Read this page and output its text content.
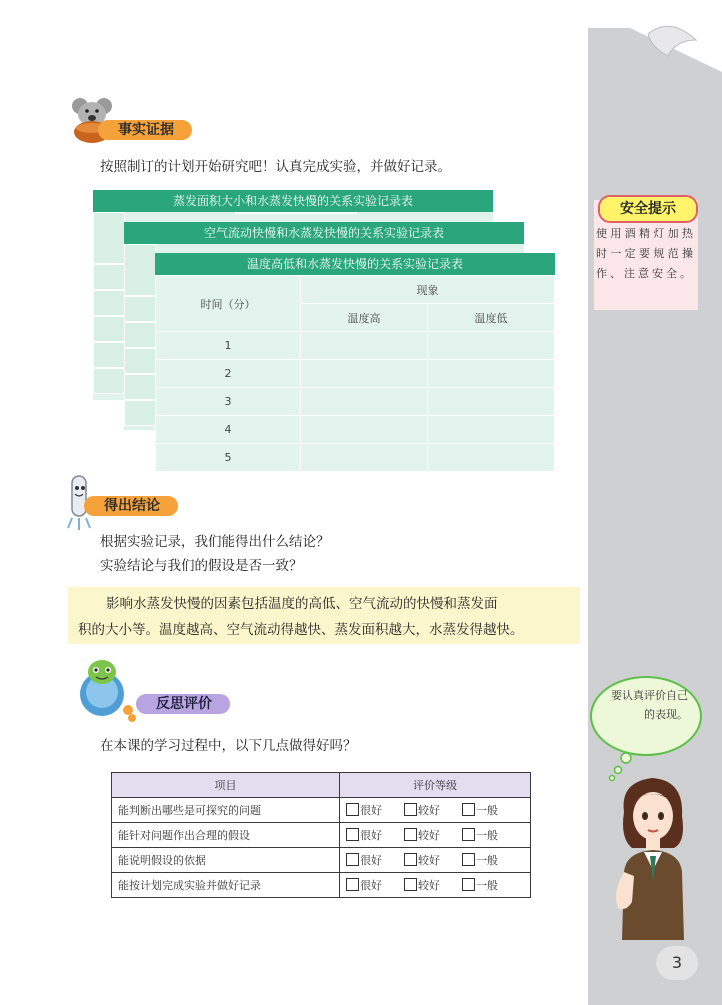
事实证据
按照制订的计划开始研究吧！认真完成实验，并做好记录。
蒸发面积大小和水蒸发快慢的关系实验记录表
空气流动快慢和水蒸发快慢的关系实验记录表
温度高低和水蒸发快慢的关系实验记录表
时间（分）	现象	
	温度高	温度低
1		
2		
3		
4		
5		
得出结论
根据实验记录，我们能得出什么结论？
实验结论与我们的假设是否一致？
影响水蒸发快慢的因素包括温度的高低、空气流动的快慢和蒸发面
积的大小等。温度越高、空气流动得越快、蒸发面积越大，水蒸发得越快。
反思评价
在本课的学习过程中，以下几点做得好吗？
项目	评价等级
能判断出哪些是可探究的问题	很好 较好 一般
能针对问题作出合理的假设	很好 较好 一般
能说明假设的依据	很好 较好 一般
能按计划完成实验并做好记录	很好 较好 一般
安全提示
使用酒精灯加热时一定要规范操作、注意安全。
要认真评价自己的表现。
3
